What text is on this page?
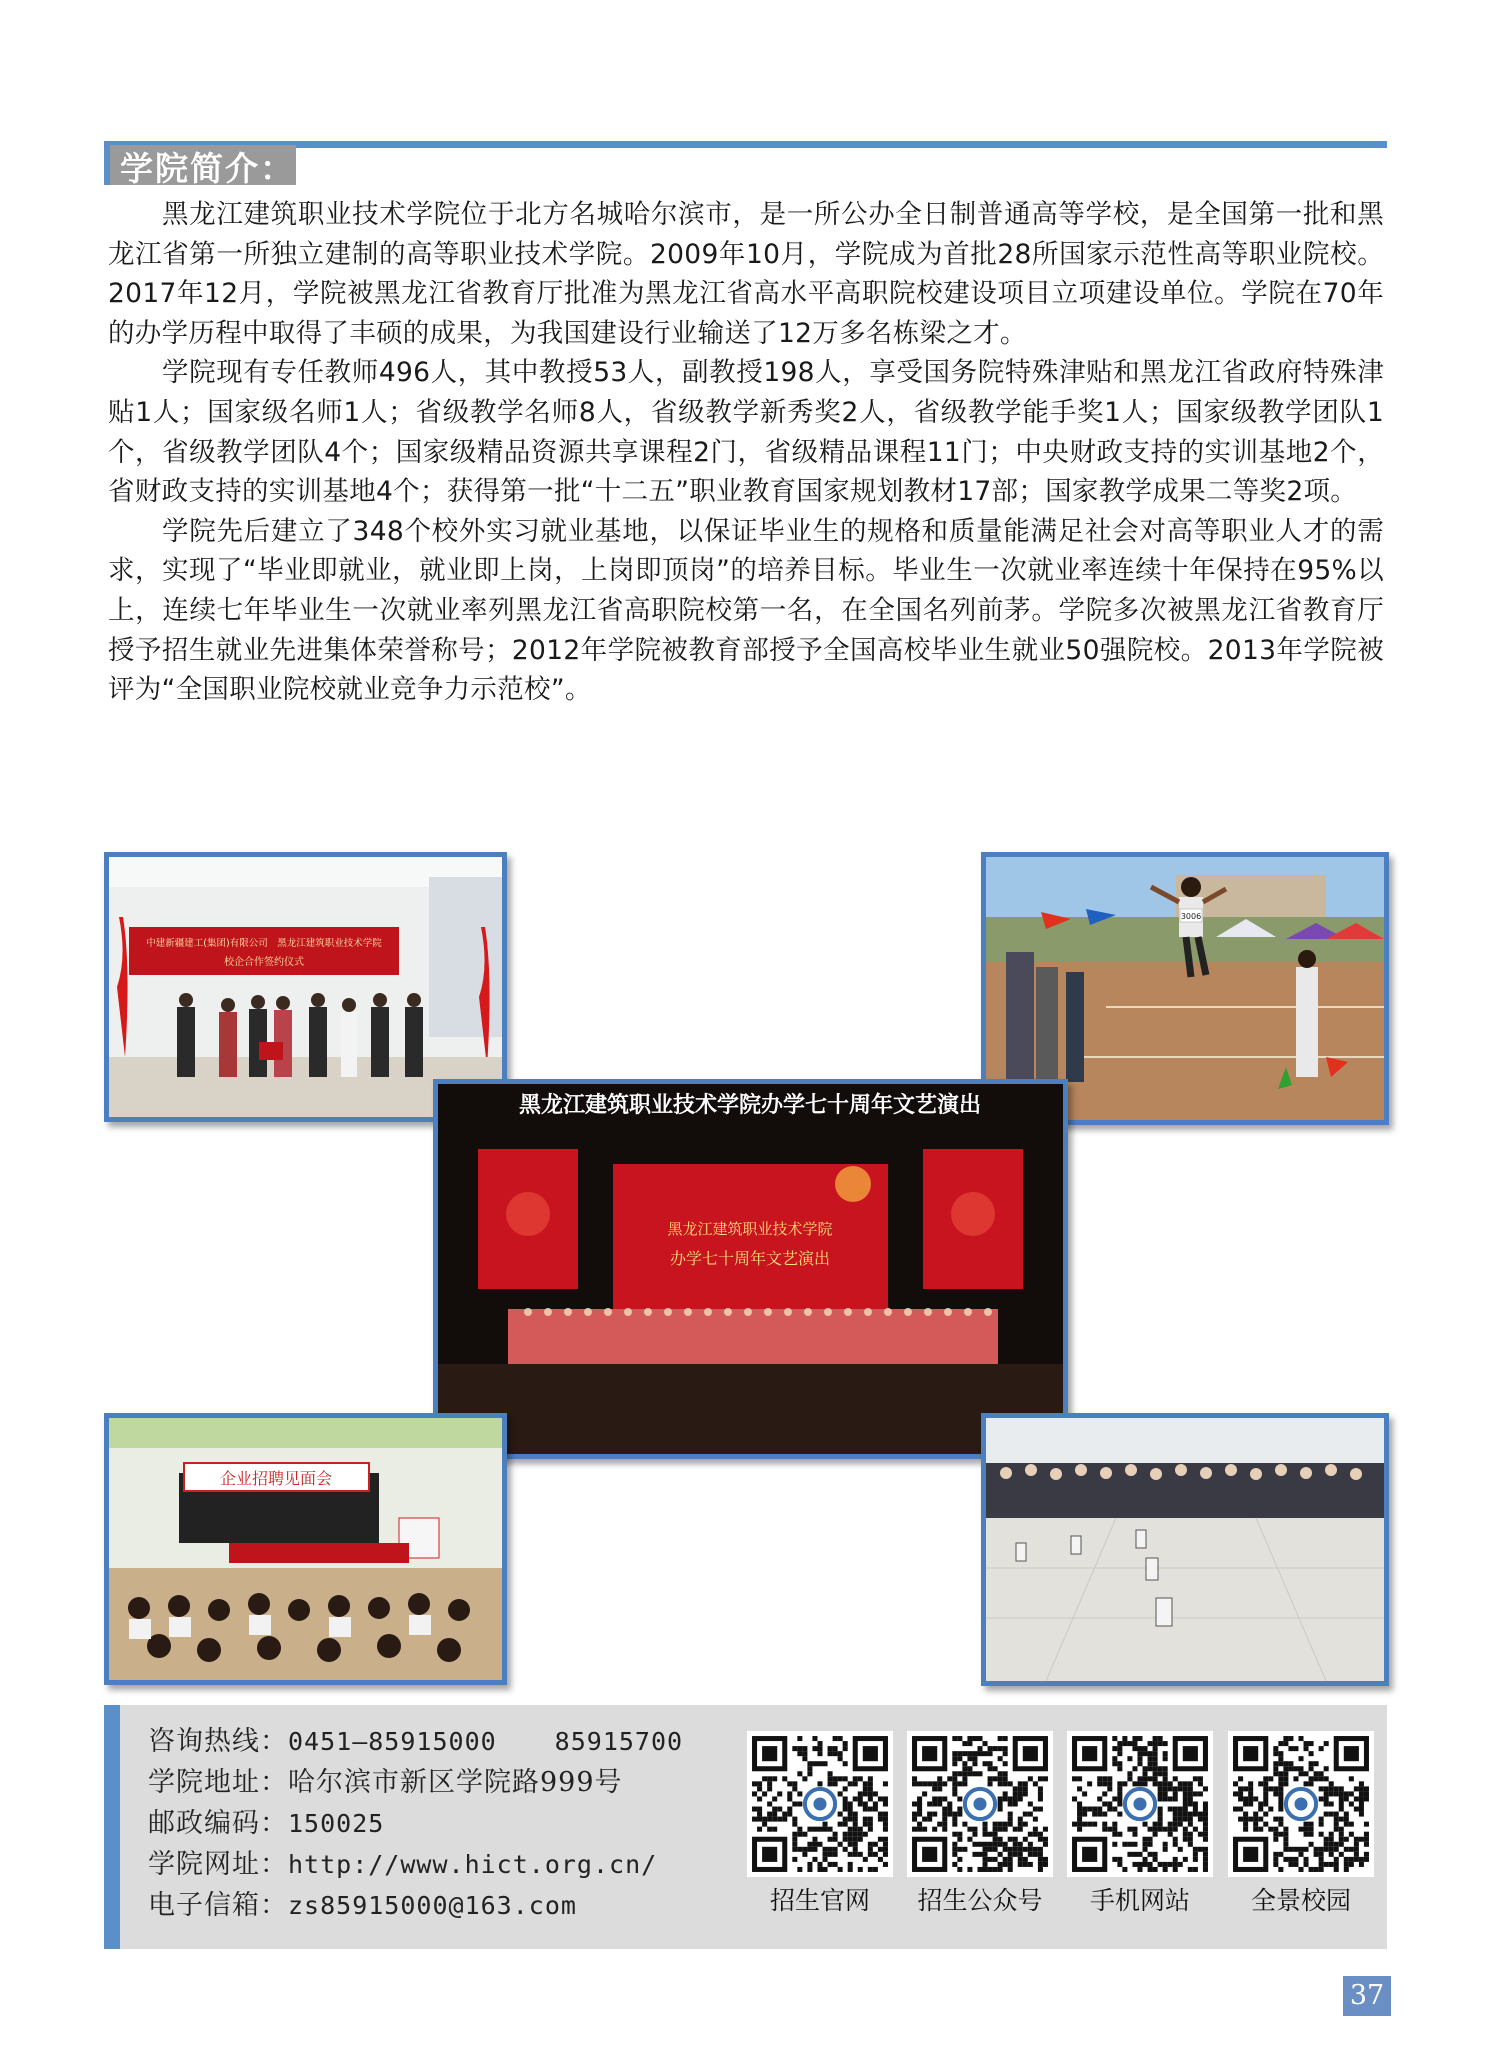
学院简介：

黑龙江建筑职业技术学院位于北方名城哈尔滨市，是一所公办全日制普通高等学校，是全国第一批和黑龙江省第一所独立建制的高等职业技术学院。2009年10月，学院成为首批28所国家示范性高等职业院校。2017年12月，学院被黑龙江省教育厅批准为黑龙江省高水平高职院校建设项目立项建设单位。学院在70年的办学历程中取得了丰硕的成果，为我国建设行业输送了12万多名栋梁之才。

学院现有专任教师496人，其中教授53人，副教授198人，享受国务院特殊津贴和黑龙江省政府特殊津贴1人；国家级名师1人；省级教学名师8人，省级教学新秀奖2人，省级教学能手奖1人；国家级教学团队1个，省级教学团队4个；国家级精品资源共享课程2门，省级精品课程11门；中央财政支持的实训基地2个，省财政支持的实训基地4个；获得第一批“十二五”职业教育国家规划教材17部；国家教学成果二等奖2项。

学院先后建立了348个校外实习就业基地，以保证毕业生的规格和质量能满足社会对高等职业人才的需求，实现了“毕业即就业，就业即上岗，上岗即顶岗”的培养目标。毕业生一次就业率连续十年保持在95%以上，连续七年毕业生一次就业率列黑龙江省高职院校第一名，在全国名列前茅。学院多次被黑龙江省教育厅授予招生就业先进集体荣誉称号；2012年学院被教育部授予全国高校毕业生就业50强院校。2013年学院被评为“全国职业院校就业竞争力示范校”。

中建新疆建工(集团)有限公司　黑龙江建筑职业技术学院
校企合作签约仪式
3006
黑龙江建筑职业技术学院办学七十周年文艺演出
黑龙江建筑职业技术学院
办学七十周年文艺演出
企业招聘见面会
咨询热线：0451—85915000 85915700
学院地址：哈尔滨市新区学院路999号
邮政编码：150025
学院网址：http://www.hict.org.cn/
电子信箱：zs85915000@163.com	招生官网	招生公众号	手机网站	全景校园
37
